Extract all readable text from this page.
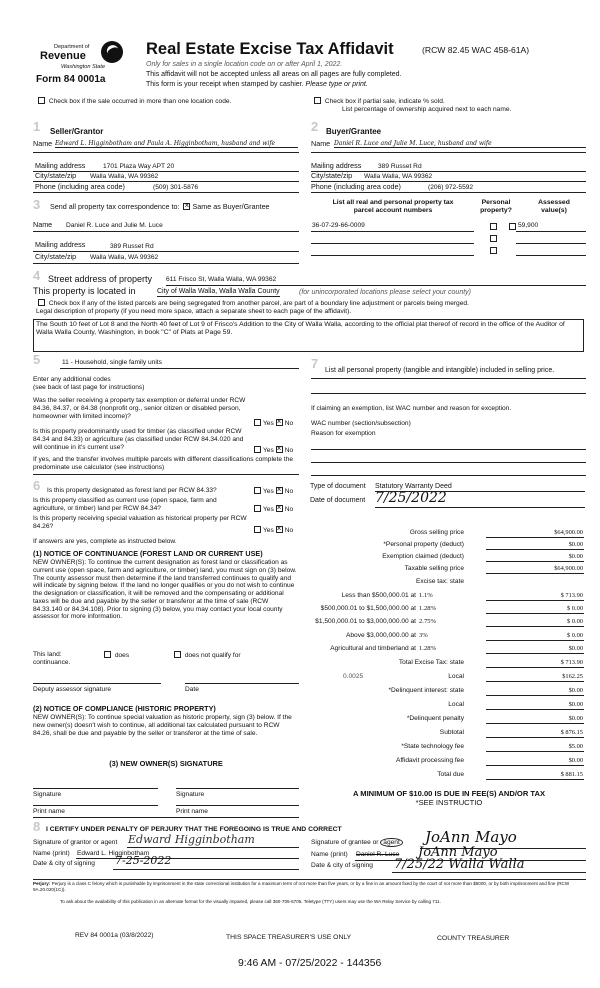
Department of
Revenue
Washington State
Form 84 0001a
Real Estate Excise Tax Affidavit	(RCW 82.45 WAC 458-61A)
Only for sales in a single location code on or after April 1, 2022.
This affidavit will not be accepted unless all areas on all pages are fully completed.
This form is your receipt when stamped by cashier. Please type or print.
Check box if the sale occurred in more than one location code.	Check box if partial sale, indicate % sold.
List percentage of ownership acquired next to each name.
1 Seller/Grantor
Name Edward L. Higginbotham and Paula A. Higginbotham, husband and wife
Mailing address	1701 Plaza Way APT 20
City/state/zip Walla Walla, WA 99362
Phone (including area code)	(509) 301-5876
2 Buyer/Grantee
Name Daniel R. Luce and Julie M. Luce, husband and wife
Mailing address	389 Russet Rd
City/state/zip Walla Walla, WA 99362
Phone (including area code)	(206) 972-5592
3 Send all property tax correspondence to: × Same as Buyer/Grantee
Name Daniel R. Luce and Julie M. Luce
Mailing address	389 Russet Rd
City/state/zip Walla Walla, WA 99362
List all real and personal property tax
parcel account numbers
Personal
property?
Assessed
value(s)
36-07-29-66-0009	59,900
4 Street address of property 611 Frisco St, Walla Walla, WA 99362
This property is located in	City of Walla Walla, Walla Walla County	(for unincorporated locations please select your county)
Check box if any of the listed parcels are being segregated from another parcel, are part of a boundary line adjustment or parcels being merged.
Legal description of property (if you need more space, attach a separate sheet to each page of the affidavit).
The South 10 feet of Lot 8 and the North 40 feet of Lot 9 of Frisco's Addition to the City of Walla Walla, according to the official plat thereof of record in the office of the Auditor of Walla Walla County, Washington, in book "C" of Plats at Page 59.
5	11 - Household, single family units
Enter any additional codes
(see back of last page for instructions)
Was the seller receiving a property tax exemption or deferral under RCW 84.36, 84.37, or 84.38 (nonprofit org., senior citizen or disabled person, homeowner with limited income)?
Yes × No
Is this property predominantly used for timber (as classified under RCW 84.34 and 84.33) or agriculture (as classified under RCW 84.34.020 and will continue in it's current use?	Yes × No
If yes, and the transfer involves multiple parcels with different classifications complete the predominate use calculator (see instructions)
7 List all personal property (tangible and intangible) included in selling price.
If claiming an exemption, list WAC number and reason for exception.
WAC number (section/subsection)
Reason for exemption
6 Is this property designated as forest land per RCW 84.33?	Yes × No
Is this property classified as current use (open space, farm and agriculture, or timber) land per RCW 84.34?	Yes × No
Is this property receiving special valuation as historical property per RCW 84.26?
Yes × No
If answers are yes, complete as instructed below.
(1) NOTICE OF CONTINUANCE (FOREST LAND OR CURRENT USE)
NEW OWNER(S): To continue the current designation as forest land or classification as current use (open space, farm and agriculture, or timber) land, you must sign on (3) below. The county assessor must then determine if the land transferred continues to qualify and will indicate by signing below. If the land no longer qualifies or you do not wish to continue the designation or classification, it will be removed and the compensating or additional taxes will be due and payable by the seller or transferor at the time of sale (RCW 84.33.140 or 84.34.108). Prior to signing (3) below, you may contact your local county assessor for more information.
This land:
continuance.
does	does not qualify for
Deputy assessor signature	Date
(2) NOTICE OF COMPLIANCE (HISTORIC PROPERTY)
NEW OWNER(S): To continue special valuation as historic property, sign (3) below. If the new owner(s) doesn't wish to continue, all additional tax calculated pursuant to RCW 84.26, shall be due and payable by the seller or transferor at the time of sale.
(3) NEW OWNER(S) SIGNATURE
Signature	Signature
Print name	Print name
Type of document Statutory Warranty Deed
Date of document 7/25/2022
Gross selling price	$64,900.00
*Personal property (deduct)	$0.00
Exemption claimed (deduct)	$0.00
Taxable selling price	$64,900.00
Excise tax: state
Less than $500,000.01 at 1.1%	$ 713.90
$500,000.01 to $1,500,000.00 at 1.28%	$ 0.00
$1,500,000.01 to $3,000,000.00 at 2.75%	$ 0.00
Above $3,000,000.00 at 3%	$ 0.00
Agricultural and timberland at 1.28%	$0.00
Total Excise Tax: state	$ 713.90
0.0025	Local	$162.25
*Delinquent interest: state	$0.00
Local	$0.00
*Delinquent penalty	$0.00
Subtotal	$ 876.15
*State technology fee	$5.00
Affidavit processing fee	$0.00
Total due	$ 881.15
A MINIMUM OF $10.00 IS DUE IN FEE(S) AND/OR TAX
*SEE INSTRUCTIO
8 I CERTIFY UNDER PENALTY OF PERJURY THAT THE FOREGOING IS TRUE AND CORRECT
Signature of grantor or agent Edward Higginbotham
Name (print) Edward L. Higginbotham
Date & city of signing 7-25-2022
Signature of grantee or agent JoAnn Mayo
Name (print) Daniel R. Luce JoAnn Mayo
Date & city of signing 7/25/22 Walla Walla
Perjury: Perjury is a class C felony which is punishable by imprisonment in the state correctional institution for a maximum term of not more than five years, or by a fine in an amount fixed by the court of not more than $5000, or by both imprisonment and fine (RCW 9A.20.020(1C)).
To ask about the availability of this publication in an alternate format for the visually impaired, please call 360-705-6705. Teletype (TTY) users may use the WA Relay Service by calling 711.
REV 84 0001a (03/8/2022)	THIS SPACE TREASURER'S USE ONLY	COUNTY TREASURER
9:46 AM - 07/25/2022 - 144356
